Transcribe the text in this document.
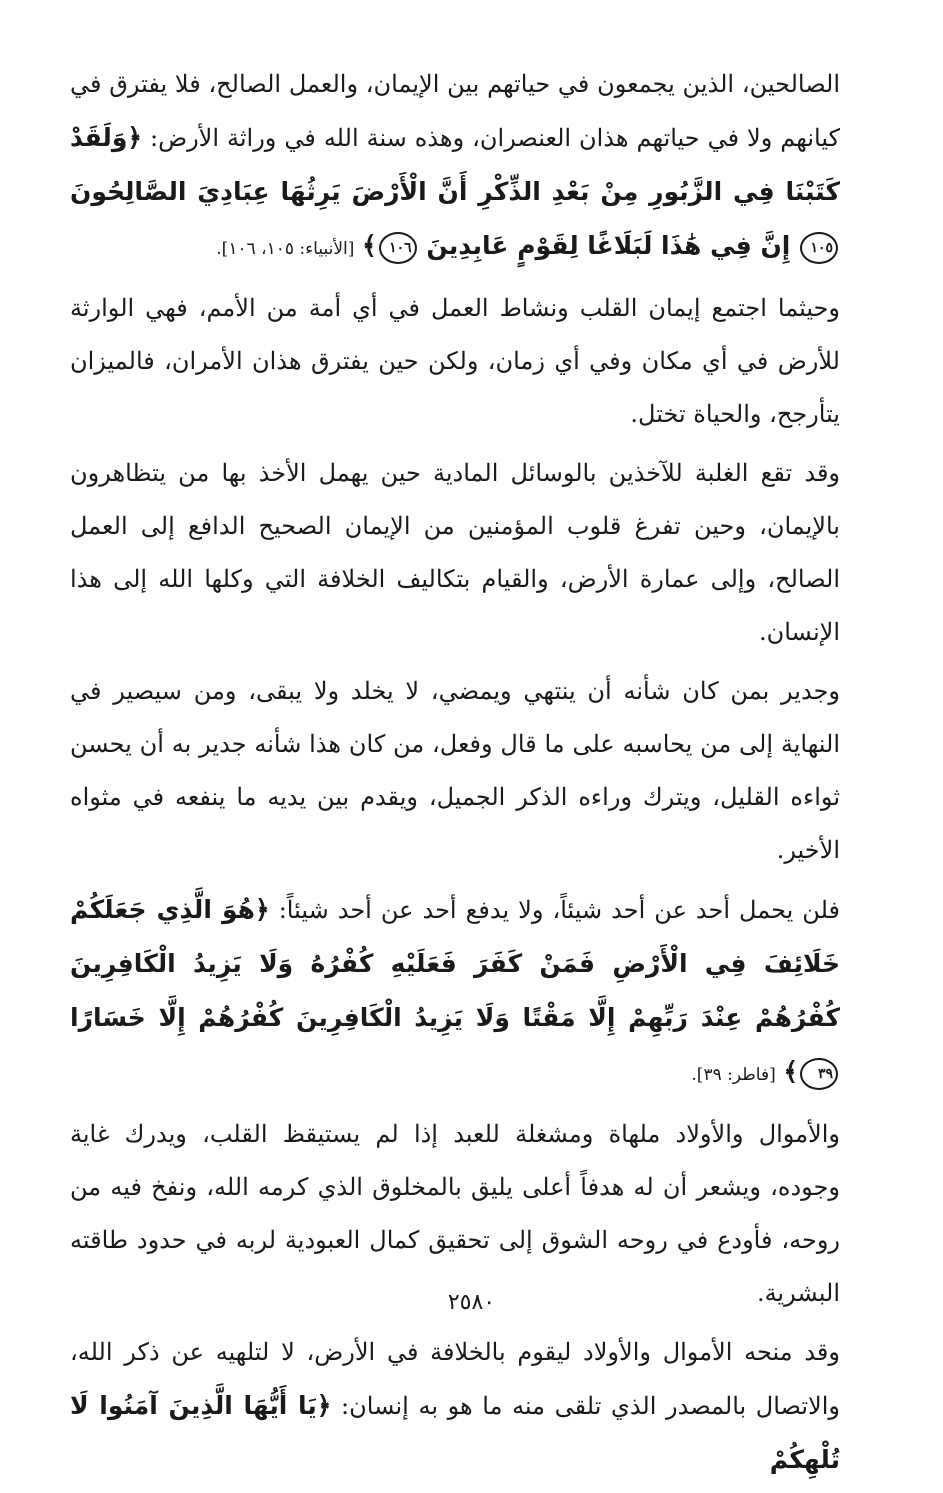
الصالحين، الذين يجمعون في حياتهم بين الإيمان، والعمل الصالح، فلا يفترق في كيانهم ولا في حياتهم هذان العنصران، وهذه سنة الله في وراثة الأرض: ﴿وَلَقَدْ كَتَبْنَا فِي الزَّبُورِ مِنْ بَعْدِ الذِّكْرِ أَنَّ الْأَرْضَ يَرِثُهَا عِبَادِيَ الصَّالِحُونَ ١٠٥ إِنَّ فِي هَٰذَا لَبَلَاغًا لِقَوْمٍ عَابِدِينَ ١٠٦﴾ [الأنبياء: ١٠٥، ١٠٦].

وحيثما اجتمع إيمان القلب ونشاط العمل في أي أمة من الأمم، فهي الوارثة للأرض في أي مكان وفي أي زمان، ولكن حين يفترق هذان الأمران، فالميزان يتأرجح، والحياة تختل.

وقد تقع الغلبة للآخذين بالوسائل المادية حين يهمل الأخذ بها من يتظاهرون بالإيمان، وحين تفرغ قلوب المؤمنين من الإيمان الصحيح الدافع إلى العمل الصالح، وإلى عمارة الأرض، والقيام بتكاليف الخلافة التي وكلها الله إلى هذا الإنسان.

وجدير بمن كان شأنه أن ينتهي ويمضي، لا يخلد ولا يبقى، ومن سيصير في النهاية إلى من يحاسبه على ما قال وفعل، من كان هذا شأنه جدير به أن يحسن ثواءه القليل، ويترك وراءه الذكر الجميل، ويقدم بين يديه ما ينفعه في مثواه الأخير.

فلن يحمل أحد عن أحد شيئاً، ولا يدفع أحد عن أحد شيئاً: ﴿هُوَ الَّذِي جَعَلَكُمْ خَلَائِفَ فِي الْأَرْضِ فَمَنْ كَفَرَ فَعَلَيْهِ كُفْرُهُ وَلَا يَزِيدُ الْكَافِرِينَ كُفْرُهُمْ عِنْدَ رَبِّهِمْ إِلَّا مَقْتًا وَلَا يَزِيدُ الْكَافِرِينَ كُفْرُهُمْ إِلَّا خَسَارًا ٣٩﴾ [فاطر: ٣٩].

والأموال والأولاد ملهاة ومشغلة للعبد إذا لم يستيقظ القلب، ويدرك غاية وجوده، ويشعر أن له هدفاً أعلى يليق بالمخلوق الذي كرمه الله، ونفخ فيه من روحه، فأودع في روحه الشوق إلى تحقيق كمال العبودية لربه في حدود طاقته البشرية.

وقد منحه الأموال والأولاد ليقوم بالخلافة في الأرض، لا لتلهيه عن ذكر الله، والاتصال بالمصدر الذي تلقى منه ما هو به إنسان: ﴿يَا أَيُّهَا الَّذِينَ آمَنُوا لَا تُلْهِكُمْ

٢٥٨٠
